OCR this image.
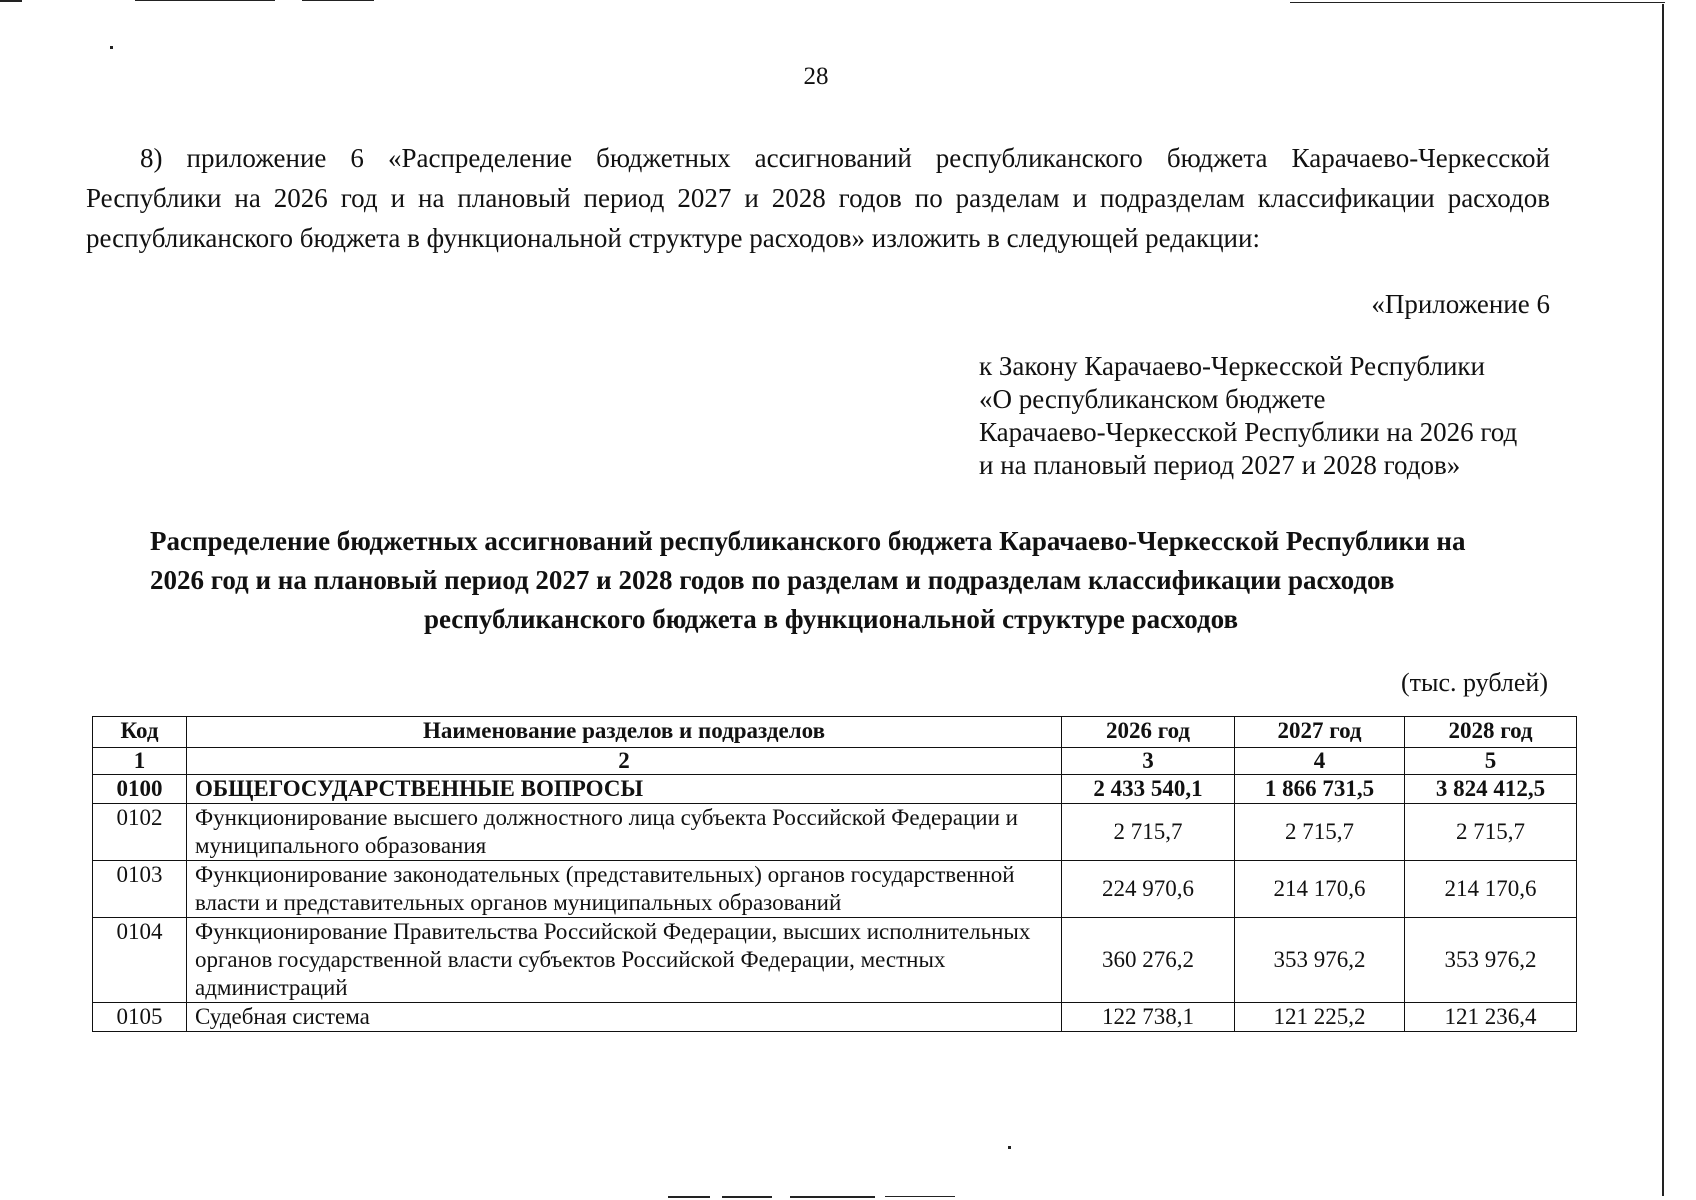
28

8) приложение 6 «Распределение бюджетных ассигнований республиканского бюджета Карачаево-Черкесской Республики на 2026 год и на плановый период 2027 и 2028 годов по разделам и подразделам классификации расходов республиканского бюджета в функциональной структуре расходов» изложить в следующей редакции:

«Приложение 6
к Закону Карачаево-Черкесской Республики
«О республиканском бюджете
Карачаево-Черкесской Республики на 2026 год
и на плановый период 2027 и 2028 годов»
Распределение бюджетных ассигнований республиканского бюджета Карачаево-Черкесской Республики на
2026 год и на плановый период 2027 и 2028 годов по разделам и подразделам классификации расходов
республиканского бюджета в функциональной структуре расходов
(тыс. рублей)
Код	Наименование разделов и подразделов	2026 год	2027 год	2028 год
1	2	3	4	5
0100	ОБЩЕГОСУДАРСТВЕННЫЕ ВОПРОСЫ	2 433 540,1	1 866 731,5	3 824 412,5
0102	Функционирование высшего должностного лица субъекта Российской Федерации и муниципального образования	2 715,7	2 715,7	2 715,7
0103	Функционирование законодательных (представительных) органов государственной власти и представительных органов муниципальных образований	224 970,6	214 170,6	214 170,6
0104	Функционирование Правительства Российской Федерации, высших исполнительных органов государственной власти субъектов Российской Федерации, местных администраций	360 276,2	353 976,2	353 976,2
0105	Судебная система	122 738,1	121 225,2	121 236,4
